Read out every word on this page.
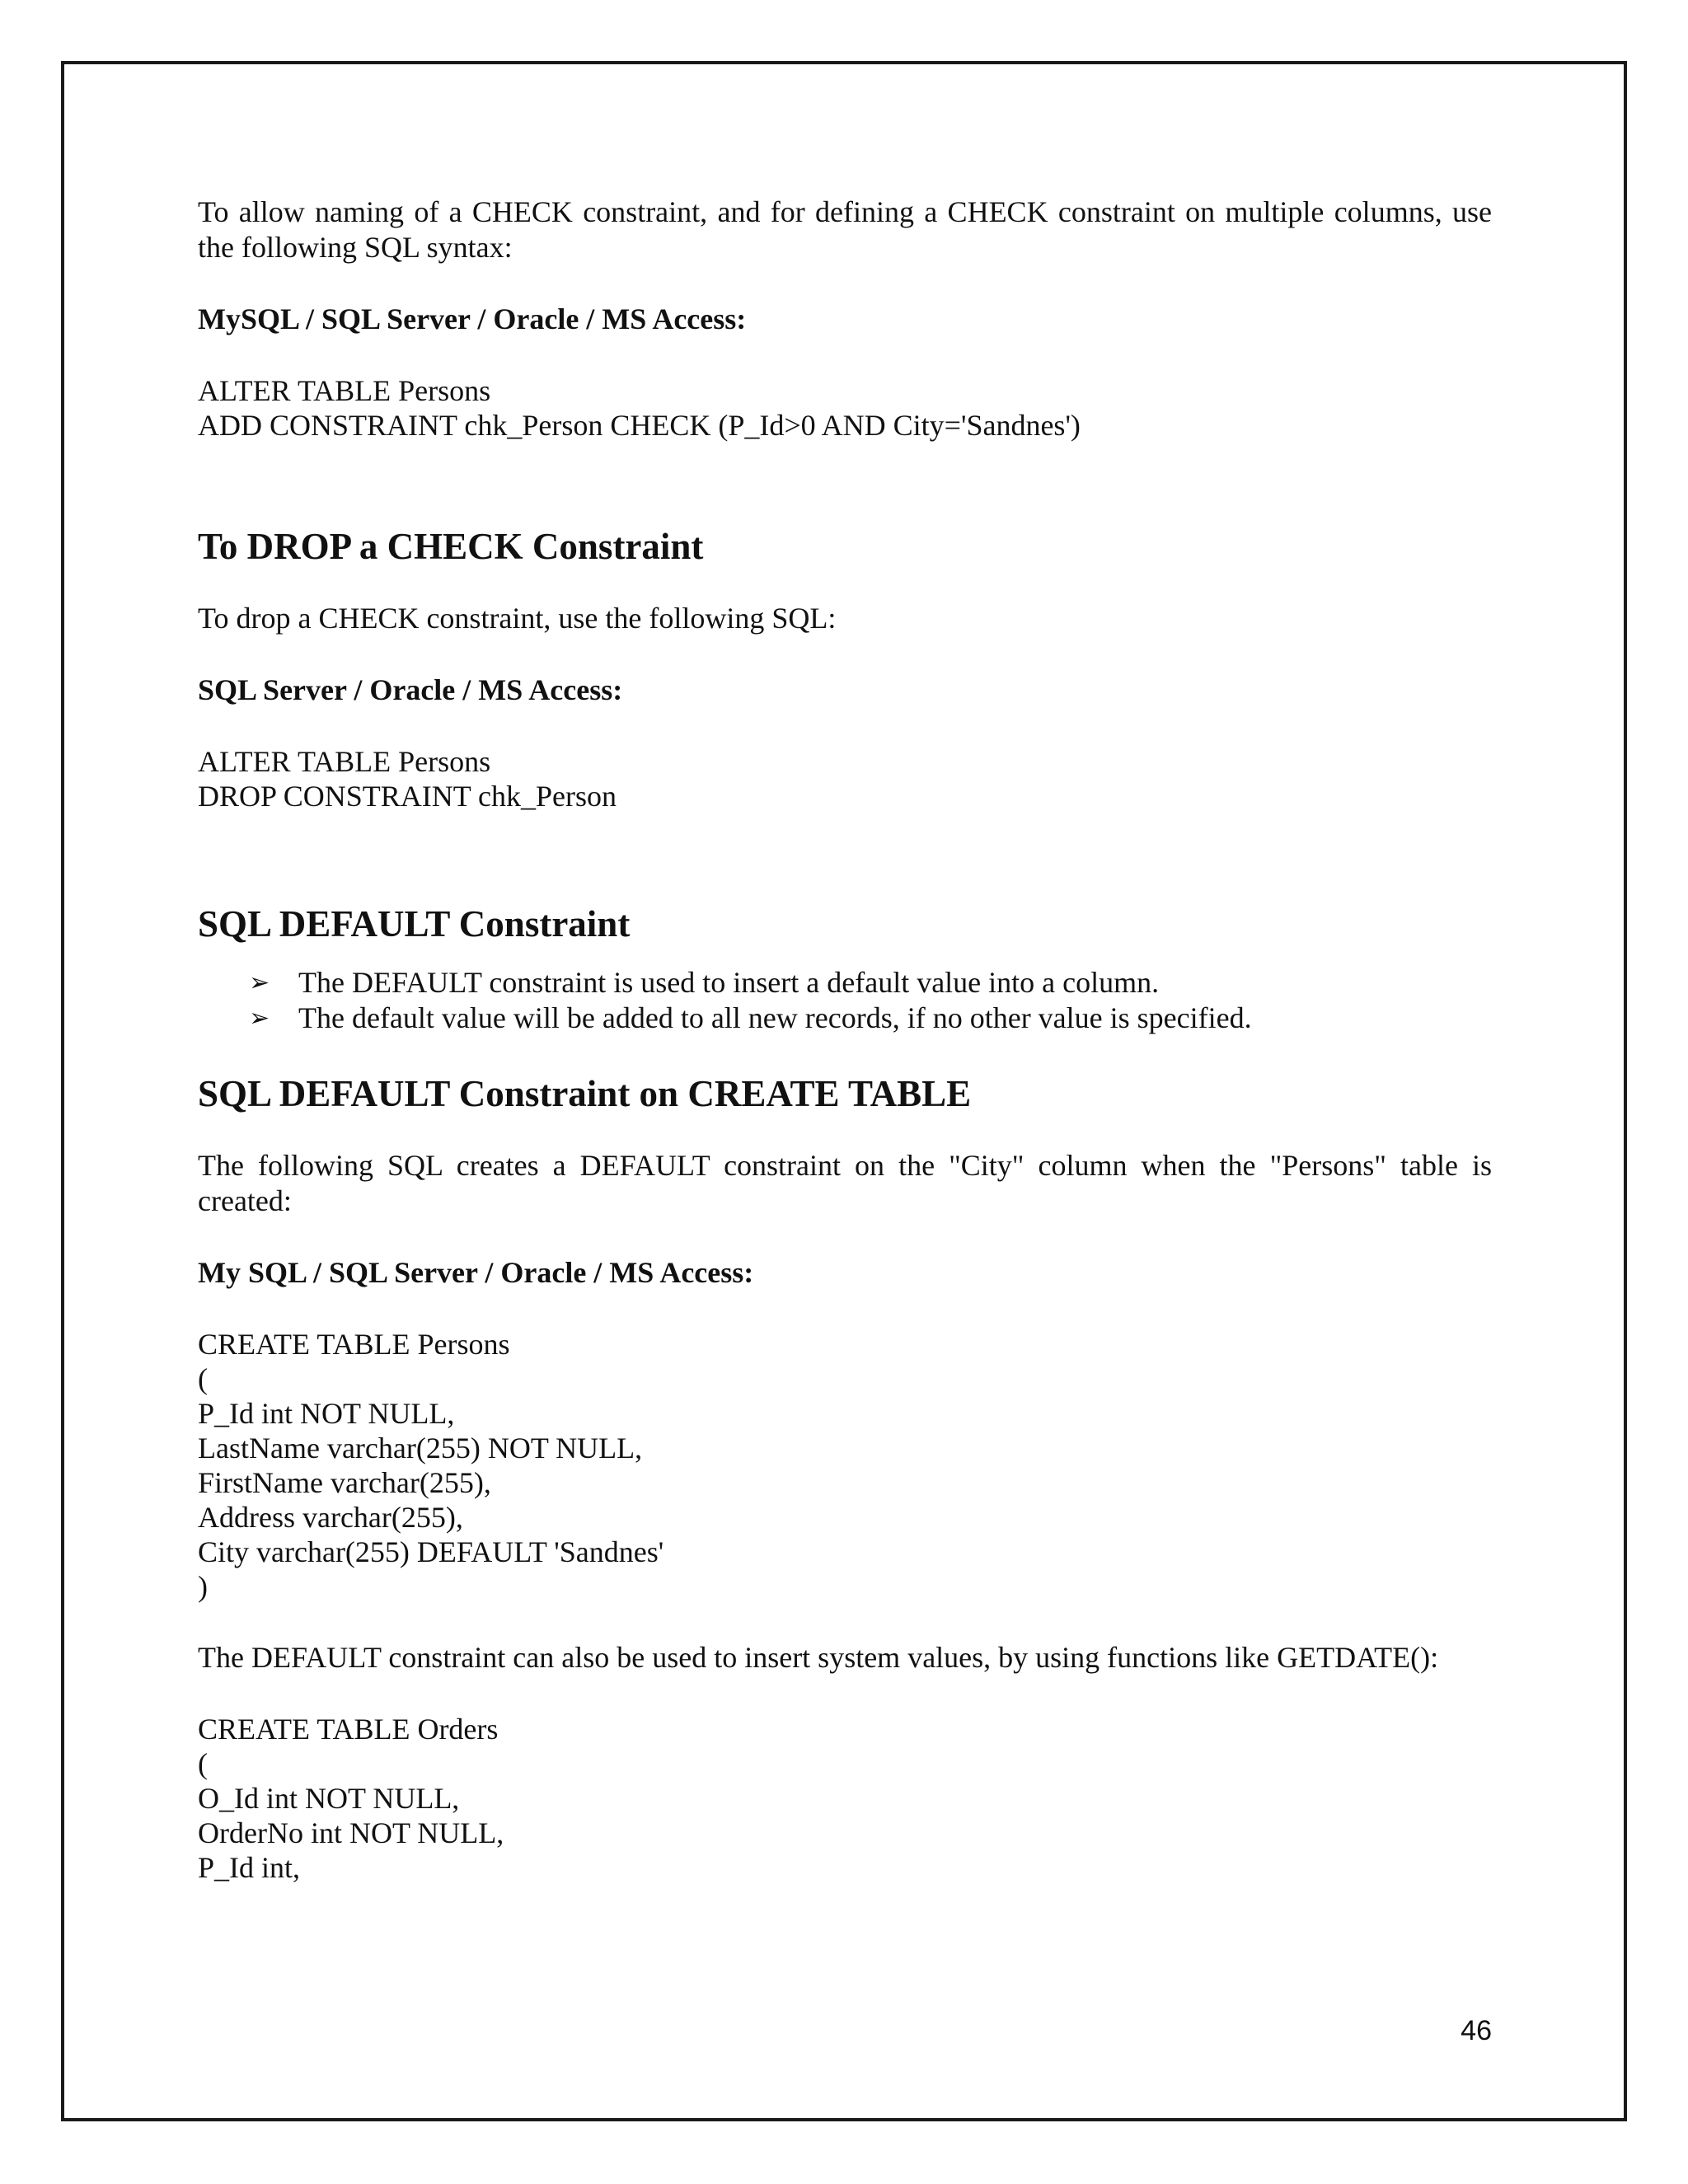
To allow naming of a CHECK constraint, and for defining a CHECK constraint on multiple columns, use the following SQL syntax:

MySQL / SQL Server / Oracle / MS Access:

ALTER TABLE Persons
ADD CONSTRAINT chk_Person CHECK (P_Id>0 AND City='Sandnes')
To DROP a CHECK Constraint

To drop a CHECK constraint, use the following SQL:

SQL Server / Oracle / MS Access:

ALTER TABLE Persons
DROP CONSTRAINT chk_Person
SQL DEFAULT Constraint
➢ The DEFAULT constraint is used to insert a default value into a column.
➢ The default value will be added to all new records, if no other value is specified.
SQL DEFAULT Constraint on CREATE TABLE

The following SQL creates a DEFAULT constraint on the "City" column when the "Persons" table is created:

My SQL / SQL Server / Oracle / MS Access:

CREATE TABLE Persons
(
P_Id int NOT NULL,
LastName varchar(255) NOT NULL,
FirstName varchar(255),
Address varchar(255),
City varchar(255) DEFAULT 'Sandnes'
)

The DEFAULT constraint can also be used to insert system values, by using functions like GETDATE():

CREATE TABLE Orders
(
O_Id int NOT NULL,
OrderNo int NOT NULL,
P_Id int,
46
